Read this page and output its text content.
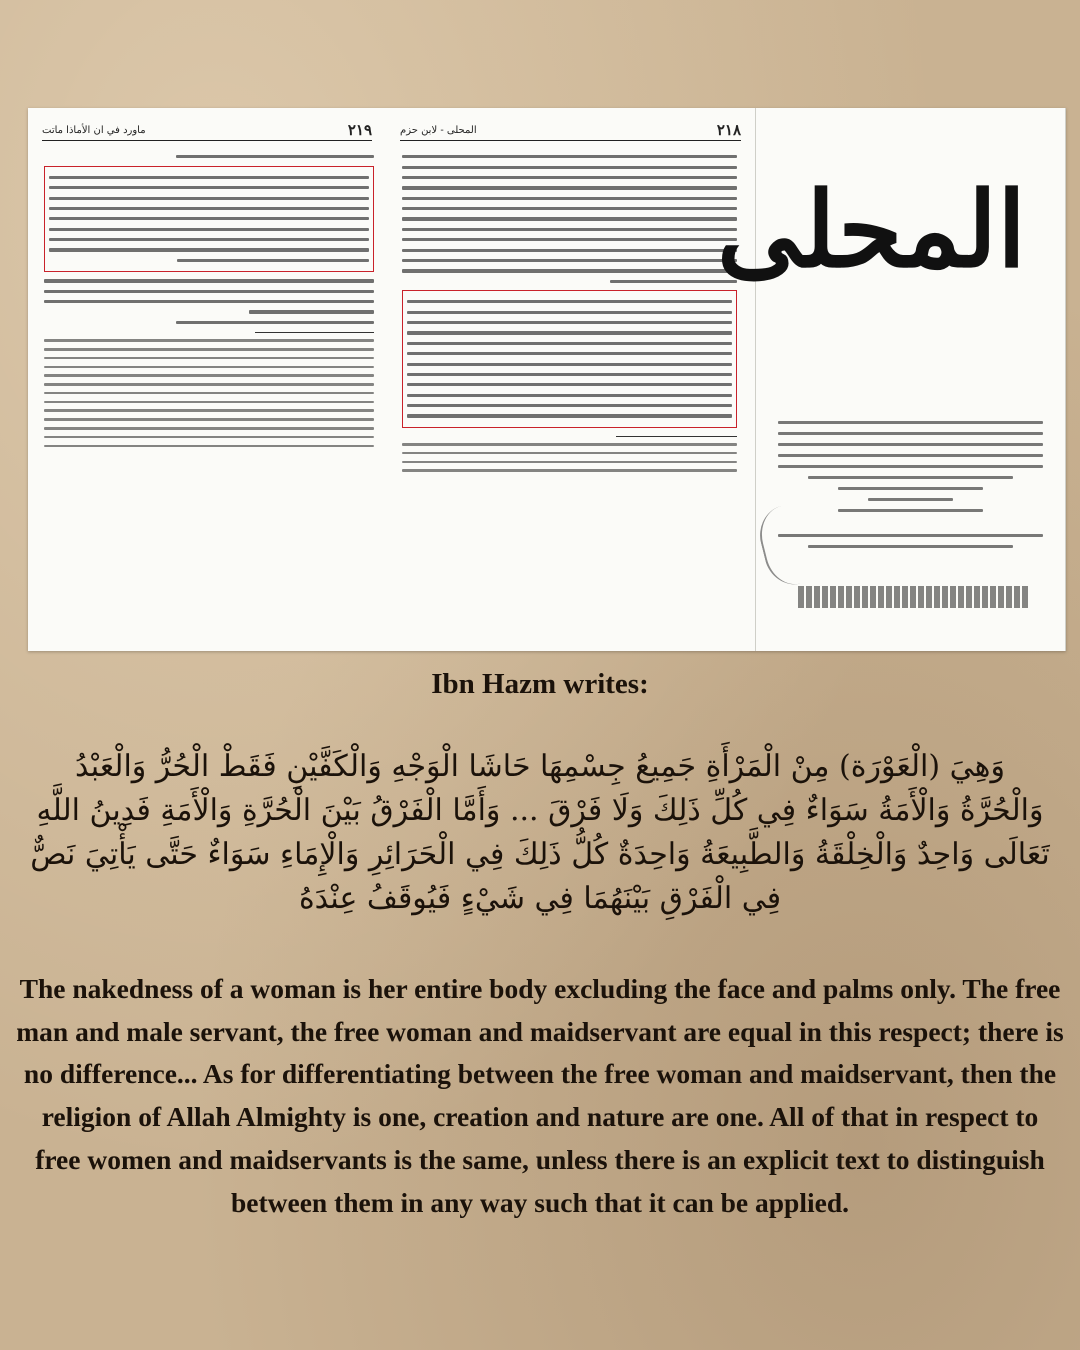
٢١٩
ماورد في ان الأماذا ماتت	٢١٨
المحلى - لابن حزم
المحلى
Ibn Hazm writes:
وَهِيَ (الْعَوْرَة) مِنْ الْمَرْأَةِ جَمِيعُ جِسْمِهَا حَاشَا الْوَجْهِ وَالْكَفَّيْنِ فَقَطْ الْحُرُّ وَالْعَبْدُ وَالْحُرَّةُ وَالْأَمَةُ سَوَاءٌ فِي كُلِّ ذَلِكَ وَلَا فَرْقَ ... وَأَمَّا الْفَرْقُ بَيْنَ الْحُرَّةِ وَالْأَمَةِ فَدِينُ اللَّهِ تَعَالَى وَاحِدٌ وَالْخِلْقَةُ وَالطَّبِيعَةُ وَاحِدَةٌ كُلُّ ذَلِكَ فِي الْحَرَائِرِ وَالْإِمَاءِ سَوَاءٌ حَتَّى يَأْتِيَ نَصٌّ فِي الْفَرْقِ بَيْنَهُمَا فِي شَيْءٍ فَيُوقَفُ عِنْدَهُ
The nakedness of a woman is her entire body excluding the face and palms only. The free man and male servant, the free woman and maidservant are equal in this respect; there is no difference... As for differentiating between the free woman and maidservant, then the religion of Allah Almighty is one, creation and nature are one. All of that in respect to free women and maidservants is the same, unless there is an explicit text to distinguish between them in any way such that it can be applied.
